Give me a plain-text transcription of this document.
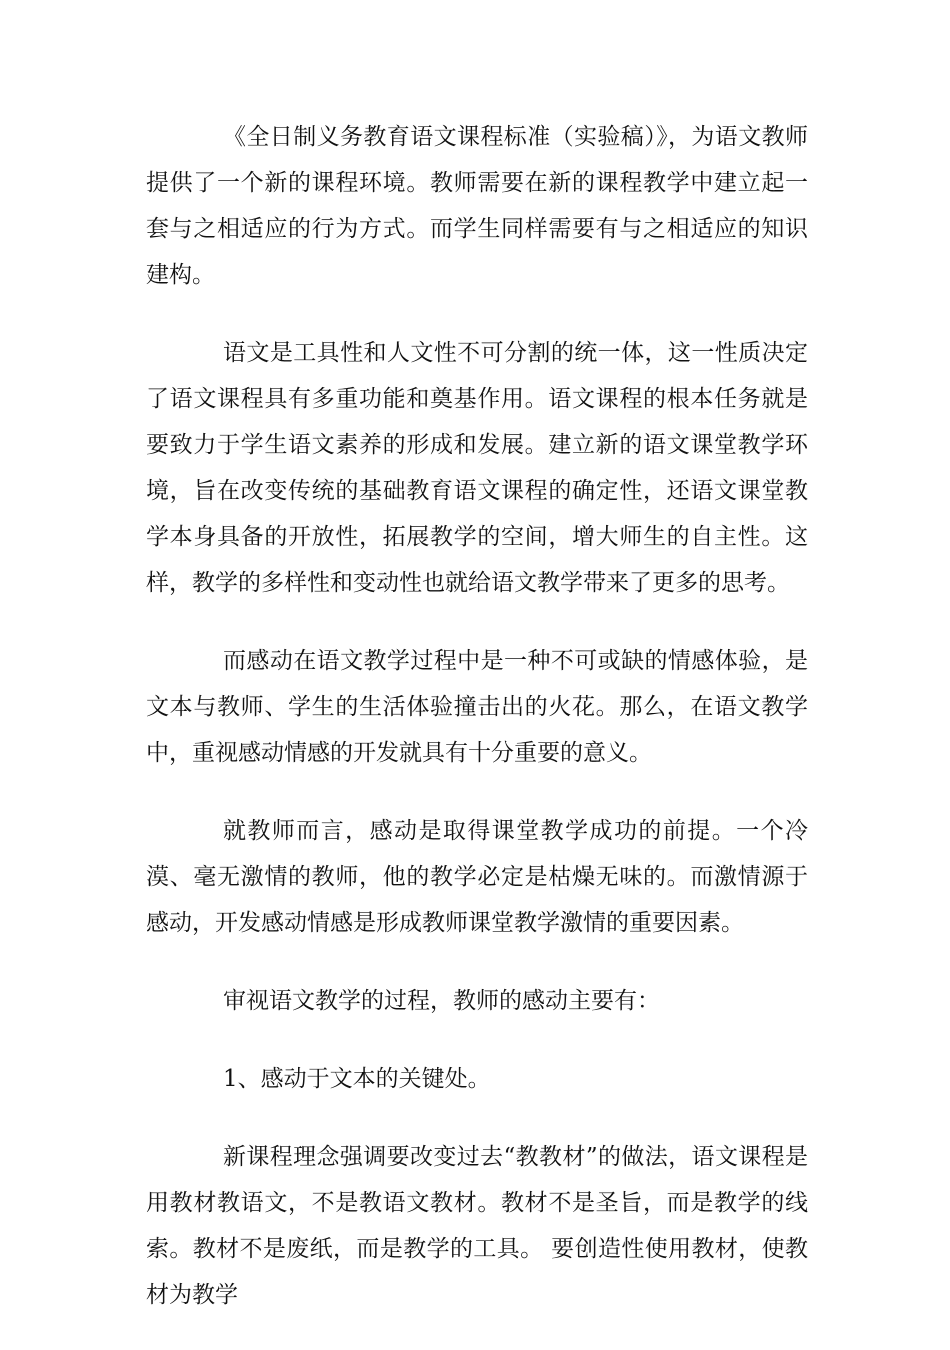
《全日制义务教育语文课程标准（实验稿）》，为语文教师提供了一个新的课程环境。教师需要在新的课程教学中建立起一套与之相适应的行为方式。而学生同样需要有与之相适应的知识建构。

语文是工具性和人文性不可分割的统一体，这一性质决定了语文课程具有多重功能和奠基作用。语文课程的根本任务就是要致力于学生语文素养的形成和发展。建立新的语文课堂教学环境，旨在改变传统的基础教育语文课程的确定性，还语文课堂教学本身具备的开放性，拓展教学的空间，增大师生的自主性。这样，教学的多样性和变动性也就给语文教学带来了更多的思考。

而感动在语文教学过程中是一种不可或缺的情感体验，是文本与教师、学生的生活体验撞击出的火花。那么，在语文教学中，重视感动情感的开发就具有十分重要的意义。

就教师而言，感动是取得课堂教学成功的前提。一个冷漠、毫无激情的教师，他的教学必定是枯燥无味的。而激情源于感动，开发感动情感是形成教师课堂教学激情的重要因素。

审视语文教学的过程，教师的感动主要有：

1、感动于文本的关键处。

新课程理念强调要改变过去“教教材”的做法，语文课程是用教材教语文，不是教语文教材。教材不是圣旨，而是教学的线索。教材不是废纸，而是教学的工具。 要创造性使用教材，使教材为教学
